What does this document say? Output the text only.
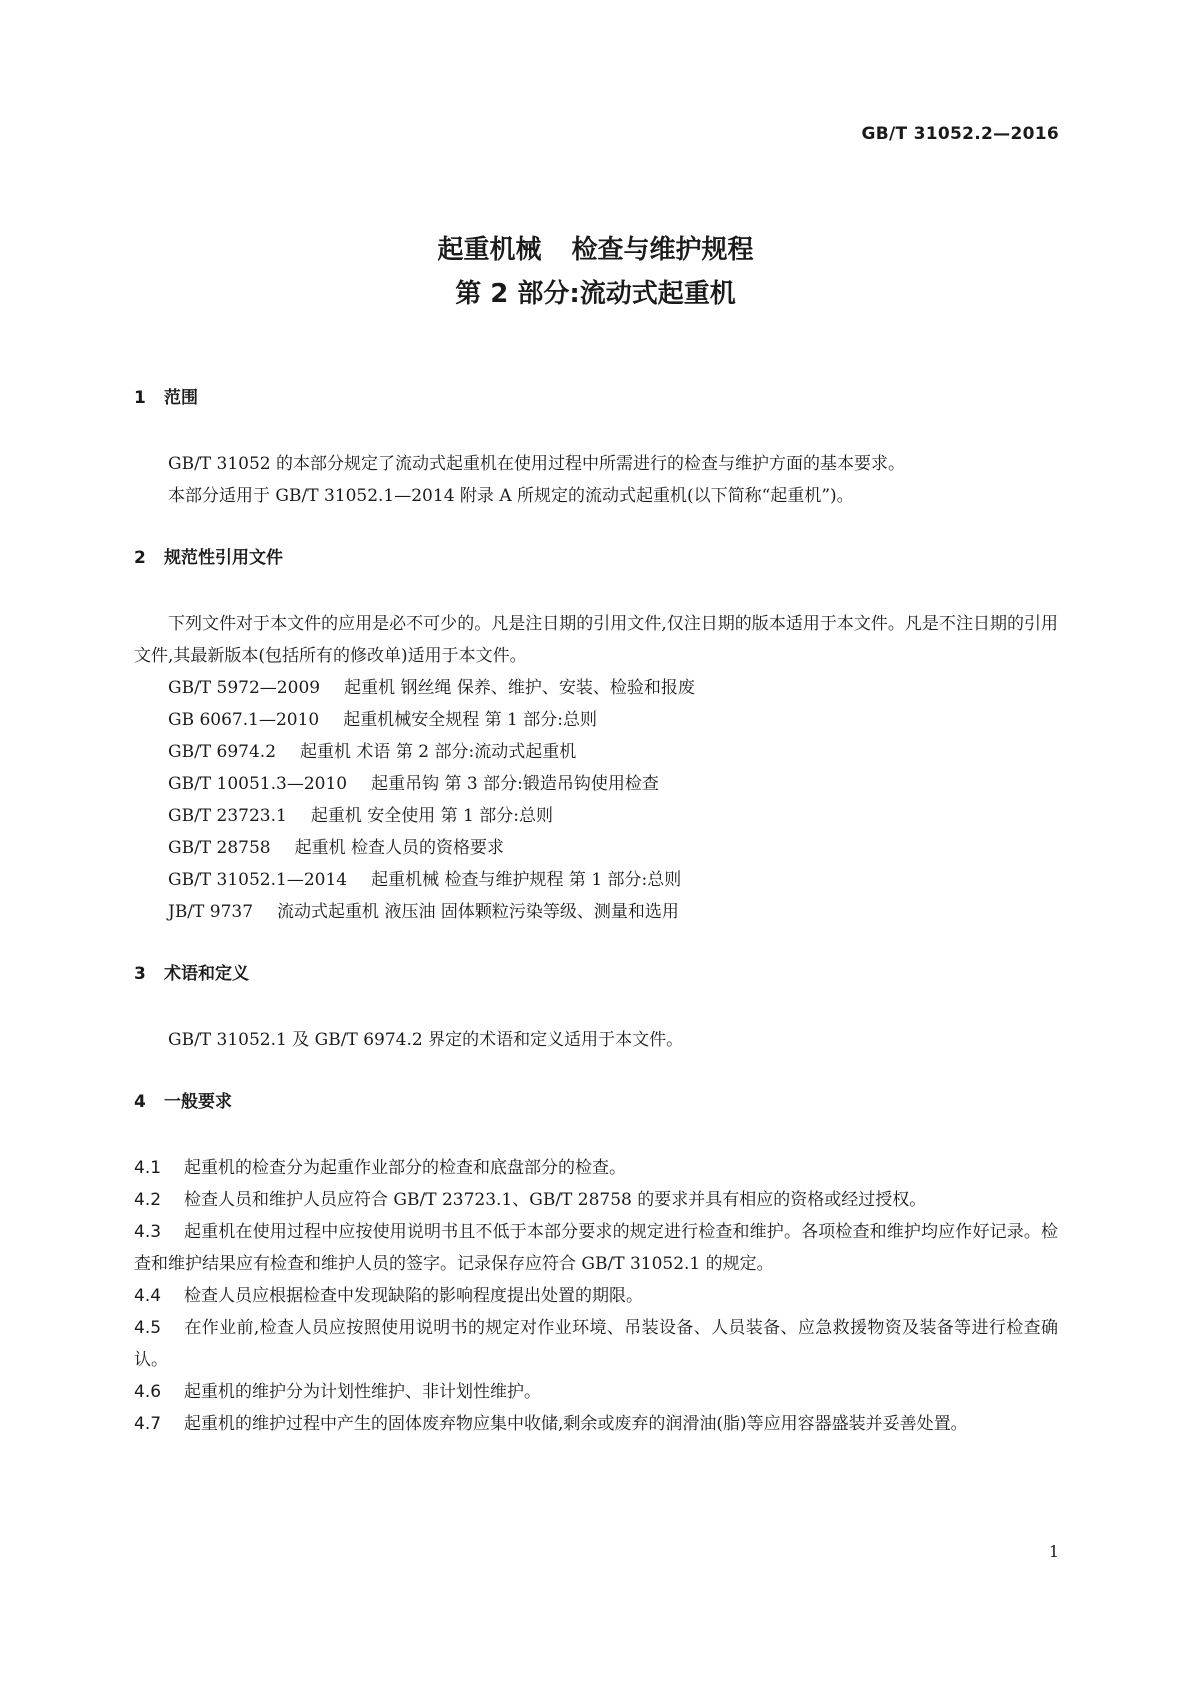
GB/T 31052.2—2016
起重机械 检查与维护规程
第 2 部分:流动式起重机

1 范围

GB/T 31052 的本部分规定了流动式起重机在使用过程中所需进行的检查与维护方面的基本要求。

本部分适用于 GB/T 31052.1—2014 附录 A 所规定的流动式起重机(以下简称“起重机”)。

2 规范性引用文件

下列文件对于本文件的应用是必不可少的。凡是注日期的引用文件,仅注日期的版本适用于本文件。凡是不注日期的引用文件,其最新版本(包括所有的修改单)适用于本文件。

GB/T 5972—2009 起重机 钢丝绳 保养、维护、安装、检验和报废

GB 6067.1—2010 起重机械安全规程 第 1 部分:总则

GB/T 6974.2 起重机 术语 第 2 部分:流动式起重机

GB/T 10051.3—2010 起重吊钩 第 3 部分:锻造吊钩使用检查

GB/T 23723.1 起重机 安全使用 第 1 部分:总则

GB/T 28758 起重机 检查人员的资格要求

GB/T 31052.1—2014 起重机械 检查与维护规程 第 1 部分:总则

JB/T 9737 流动式起重机 液压油 固体颗粒污染等级、测量和选用

3 术语和定义

GB/T 31052.1 及 GB/T 6974.2 界定的术语和定义适用于本文件。

4 一般要求

4.1 起重机的检查分为起重作业部分的检查和底盘部分的检查。

4.2 检查人员和维护人员应符合 GB/T 23723.1、GB/T 28758 的要求并具有相应的资格或经过授权。

4.3 起重机在使用过程中应按使用说明书且不低于本部分要求的规定进行检查和维护。各项检查和维护均应作好记录。检查和维护结果应有检查和维护人员的签字。记录保存应符合 GB/T 31052.1 的规定。

4.4 检查人员应根据检查中发现缺陷的影响程度提出处置的期限。

4.5 在作业前,检查人员应按照使用说明书的规定对作业环境、吊装设备、人员装备、应急救援物资及装备等进行检查确认。

4.6 起重机的维护分为计划性维护、非计划性维护。

4.7 起重机的维护过程中产生的固体废弃物应集中收储,剩余或废弃的润滑油(脂)等应用容器盛装并妥善处置。

1
